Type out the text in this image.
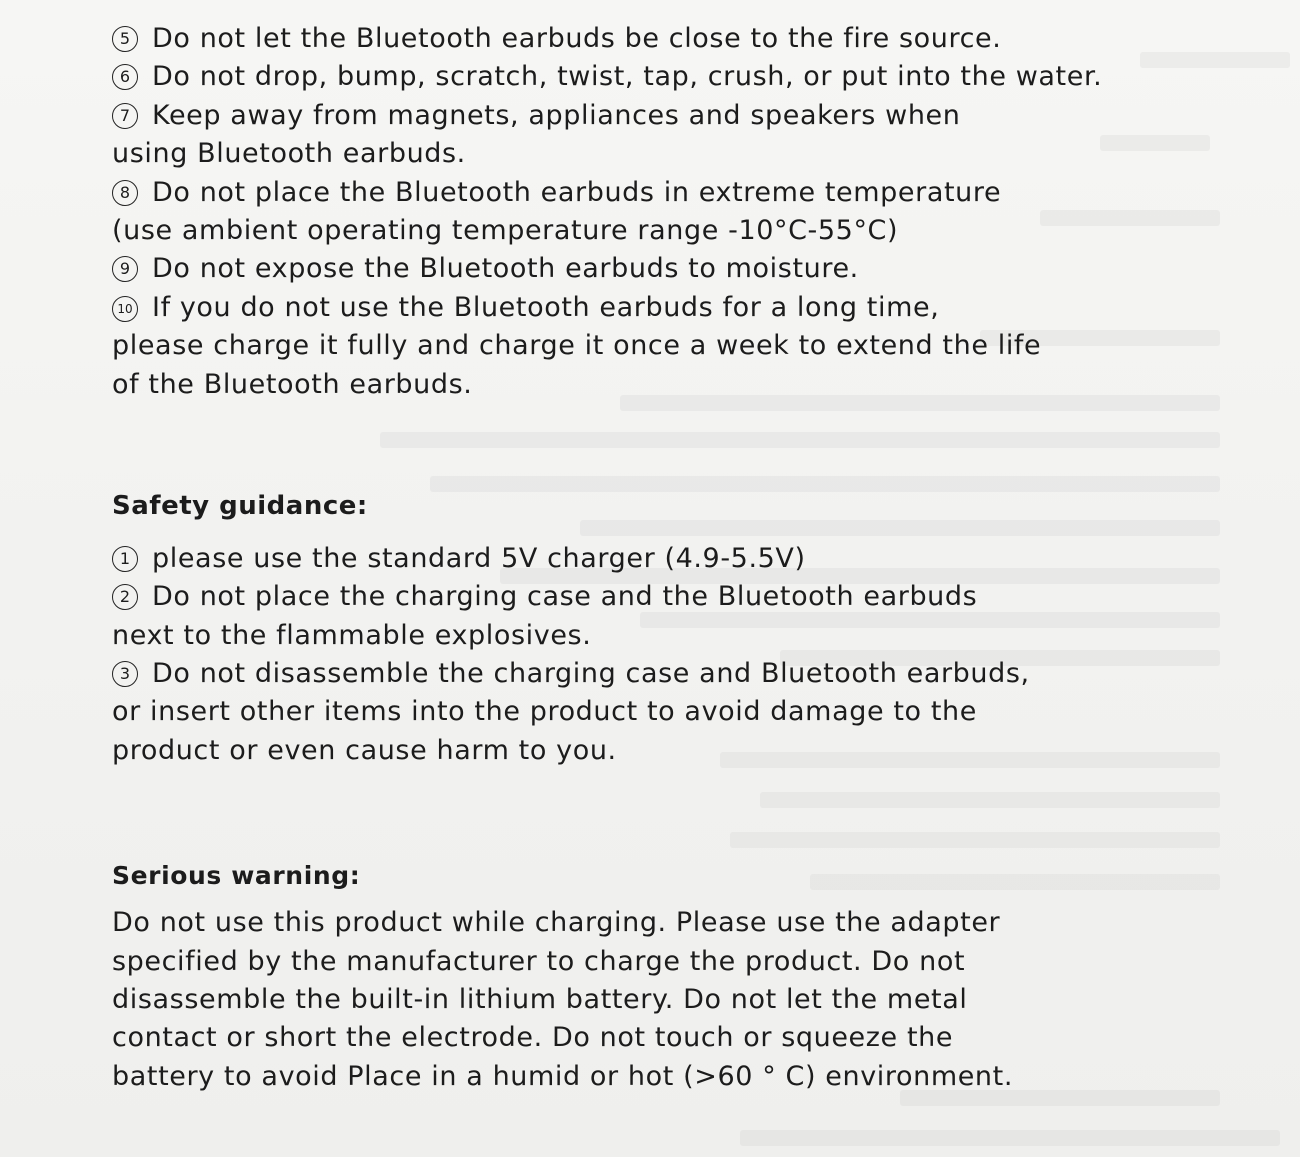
5 Do not let the Bluetooth earbuds be close to the fire source.
6 Do not drop, bump, scratch, twist, tap, crush, or put into the water.
7 Keep away from magnets, appliances and speakers when
using Bluetooth earbuds.
8 Do not place the Bluetooth earbuds in extreme temperature
(use ambient operating temperature range -10°C-55°C)
9 Do not expose the Bluetooth earbuds to moisture.
10 If you do not use the Bluetooth earbuds for a long time,
please charge it fully and charge it once a week to extend the life
of the Bluetooth earbuds.
Safety guidance:
1 please use the standard 5V charger (4.9-5.5V)
2 Do not place the charging case and the Bluetooth earbuds
next to the flammable explosives.
3 Do not disassemble the charging case and Bluetooth earbuds,
or insert other items into the product to avoid damage to the
product or even cause harm to you.
Serious warning:
Do not use this product while charging. Please use the adapter
specified by the manufacturer to charge the product. Do not
disassemble the built-in lithium battery. Do not let the metal
contact or short the electrode. Do not touch or squeeze the
battery to avoid Place in a humid or hot (>60 ° C) environment.
